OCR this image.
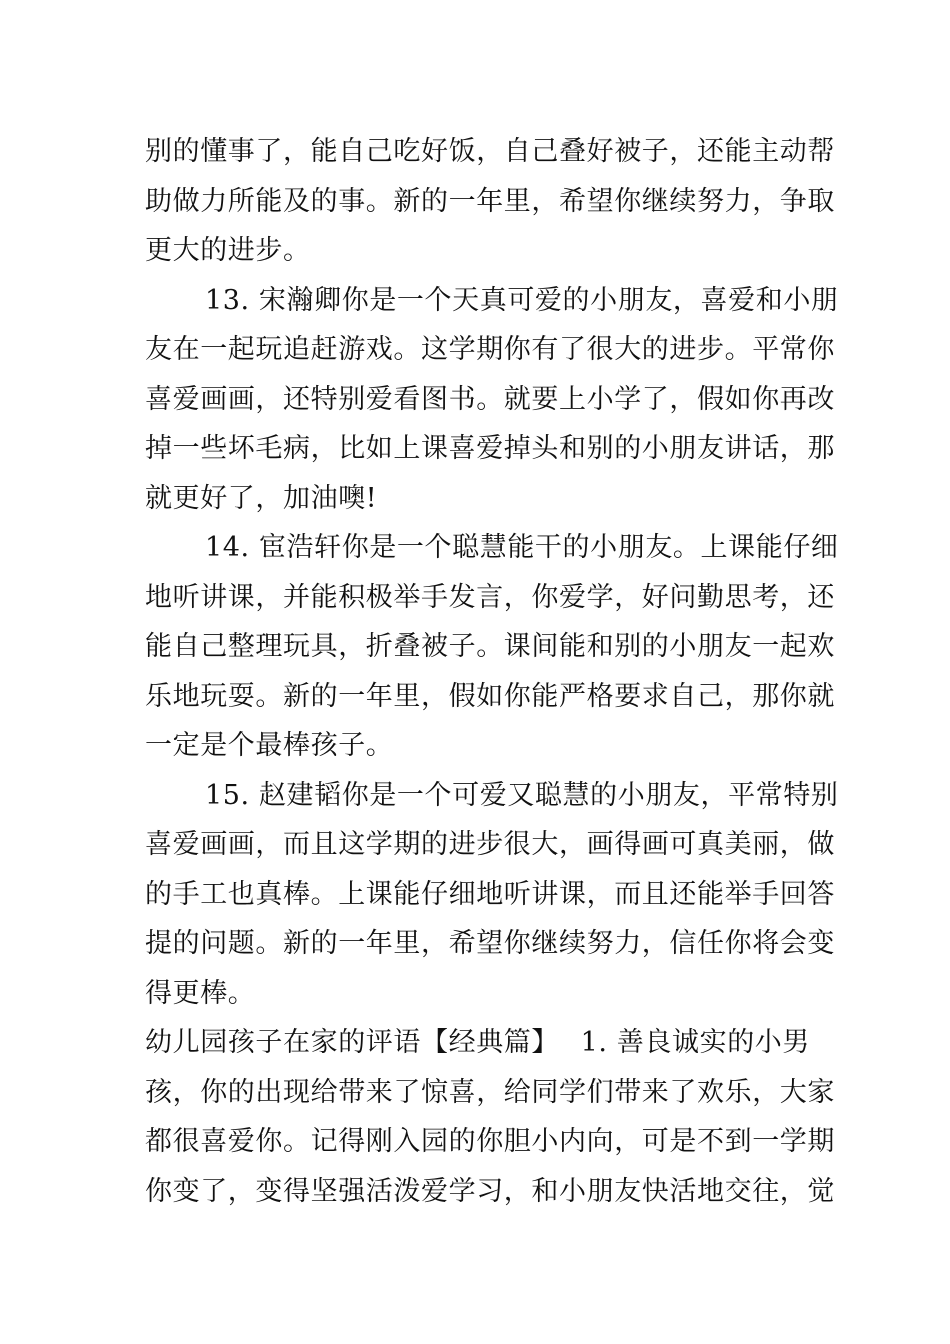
别的懂事了，能自己吃好饭，自己叠好被子，还能主动帮
助做力所能及的事。新的一年里，希望你继续努力，争取
更大的进步。
13. 宋瀚卿你是一个天真可爱的小朋友，喜爱和小朋
友在一起玩追赶游戏。这学期你有了很大的进步。平常你
喜爱画画，还特别爱看图书。就要上小学了，假如你再改
掉一些坏毛病，比如上课喜爱掉头和别的小朋友讲话，那
就更好了，加油噢!
14. 宦浩轩你是一个聪慧能干的小朋友。上课能仔细
地听讲课，并能积极举手发言，你爱学，好问勤思考，还
能自己整理玩具，折叠被子。课间能和别的小朋友一起欢
乐地玩耍。新的一年里，假如你能严格要求自己，那你就
一定是个最棒孩子。
15. 赵建韬你是一个可爱又聪慧的小朋友，平常特别
喜爱画画，而且这学期的进步很大，画得画可真美丽，做
的手工也真棒。上课能仔细地听讲课，而且还能举手回答
提的问题。新的一年里，希望你继续努力，信任你将会变
得更棒。
幼儿园孩子在家的评语【经典篇】 1. 善良诚实的小男
孩，你的出现给带来了惊喜，给同学们带来了欢乐，大家
都很喜爱你。记得刚入园的你胆小内向，可是不到一学期
你变了，变得坚强活泼爱学习，和小朋友快活地交往，觉
